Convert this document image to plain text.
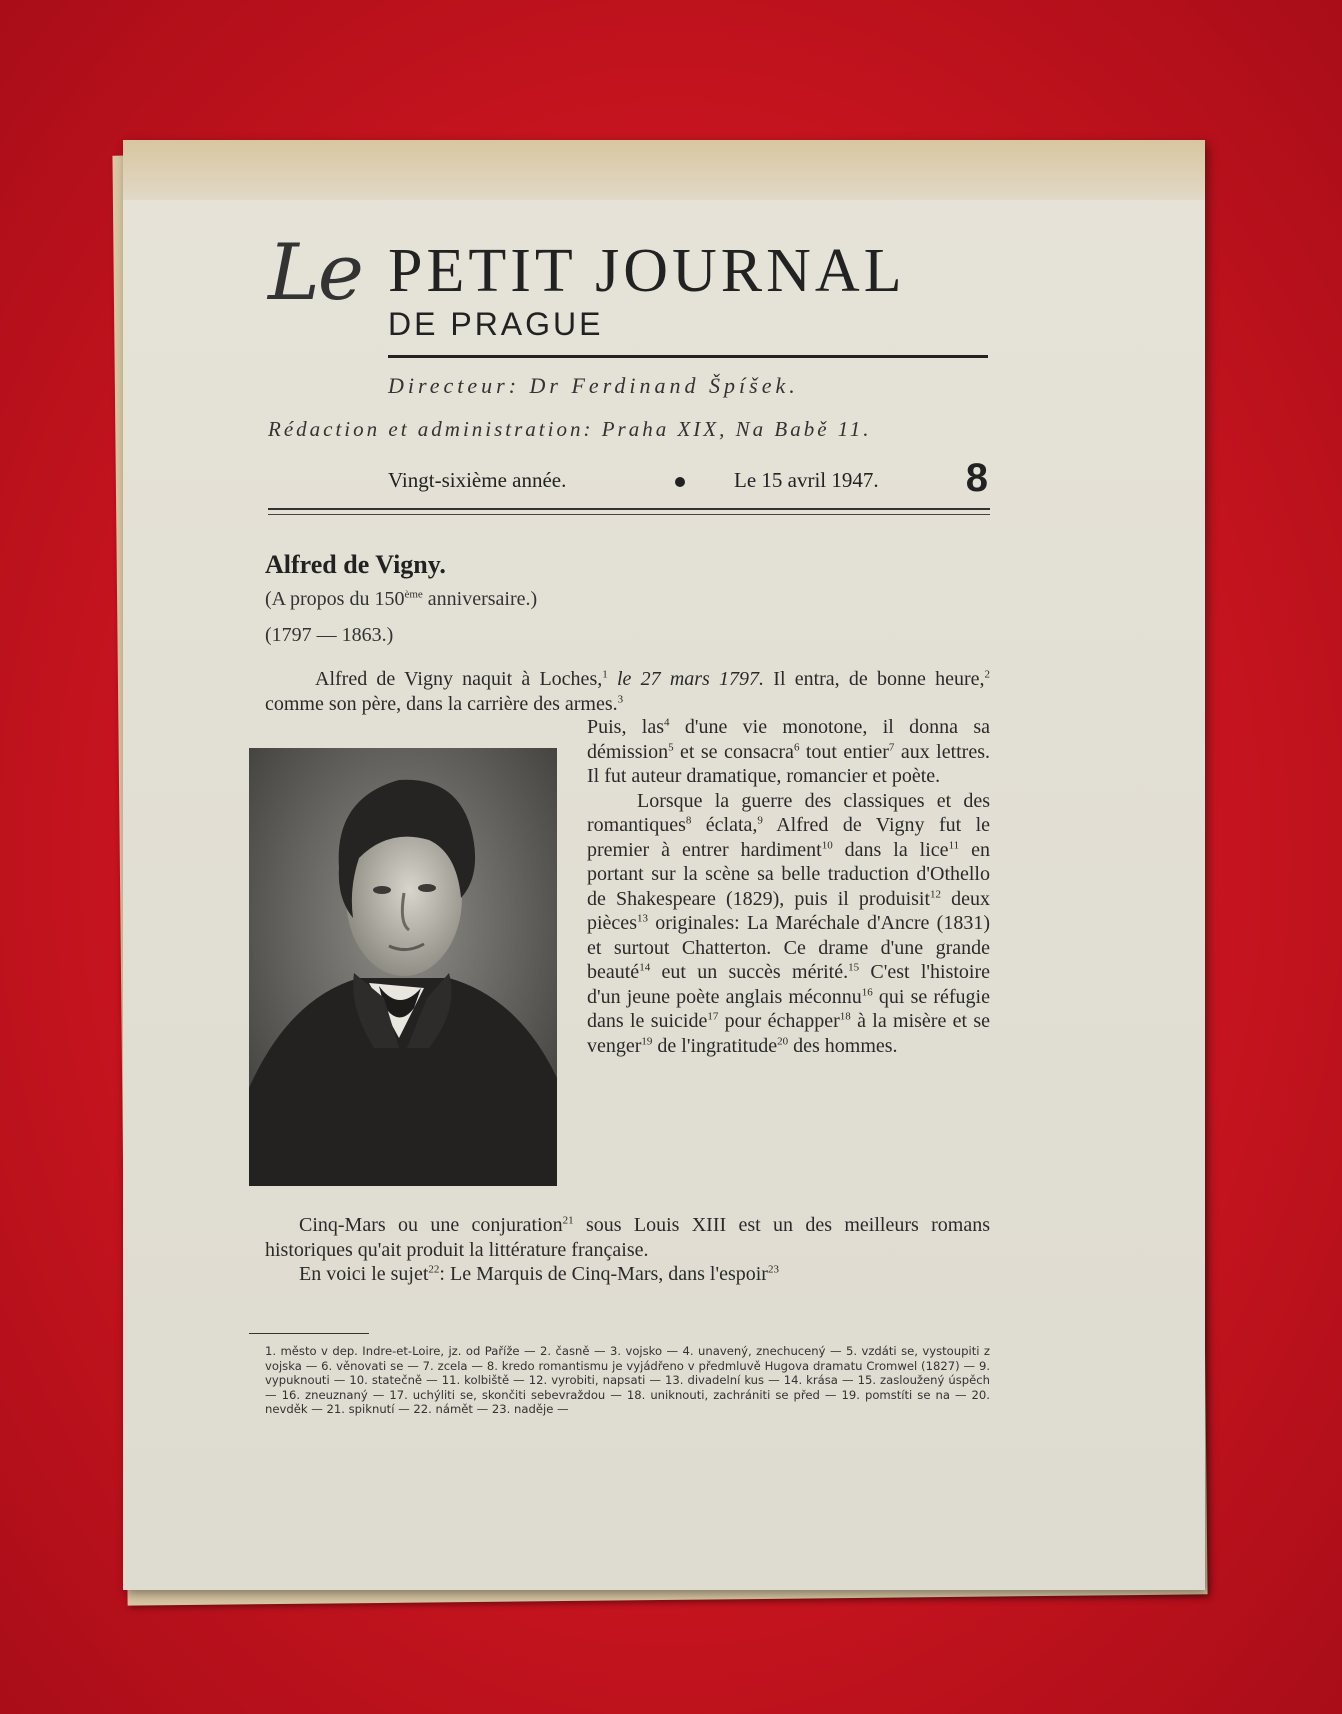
Le PETIT JOURNAL
DE PRAGUE
Directeur: Dr Ferdinand Špíšek.
Rédaction et administration: Praha XIX, Na Babě 11.
Vingt-sixième année.	Le 15 avril 1947. 8
Alfred de Vigny.
(A propos du 150ème anniversaire.)
(1797 — 1863.)
Alfred de Vigny naquit à Loches,$^1$ le 27 mars 1797. Il entra, de bonne heure,$^2$ comme son père, dans la carrière des armes.$^3$

Puis, las$^4$ d'une vie monotone, il donna sa démission$^5$ et se consacra$^6$ tout entier$^7$ aux lettres. Il fut auteur dramatique, romancier et poète.

Lorsque la guerre des classiques et des romantiques$^8$ éclata,$^9$ Alfred de Vigny fut le premier à entrer hardiment$^{10}$ dans la lice$^{11}$ en portant sur la scène sa belle traduction d'Othello de Shakespeare (1829), puis il produisit$^{12}$ deux pièces$^{13}$ originales: La Maréchale d'Ancre (1831) et surtout Chatterton. Ce drame d'une grande beauté$^{14}$ eut un succès mérité.$^{15}$ C'est l'histoire d'un jeune poète anglais méconnu$^{16}$ qui se réfugie dans le suicide$^{17}$ pour échapper$^{18}$ à la misère et se venger$^{19}$ de l'ingratitude$^{20}$ des hommes.

Cinq-Mars ou une conjuration$^{21}$ sous Louis XIII est un des meilleurs romans historiques qu'ait produit la littérature française.

En voici le sujet$^{22}$: Le Marquis de Cinq-Mars, dans l'espoir$^{23}$

1. město v dep. Indre-et-Loire, jz. od Paříže — 2. časně — 3. vojsko — 4. unavený, znechucený — 5. vzdáti se, vystoupiti z vojska — 6. věnovati se — 7. zcela — 8. kredo romantismu je vyjádřeno v předmluvě Hugova dramatu Cromwel (1827) — 9. vypuknouti — 10. statečně — 11. kolbiště — 12. vyrobiti, napsati — 13. divadelní kus — 14. krása — 15. zasloužený úspěch — 16. zneuznaný — 17. uchýliti se, skončiti sebevraždou — 18. uniknouti, zachrániti se před — 19. pomstíti se na — 20. nevděk — 21. spiknutí — 22. námět — 23. naděje —
